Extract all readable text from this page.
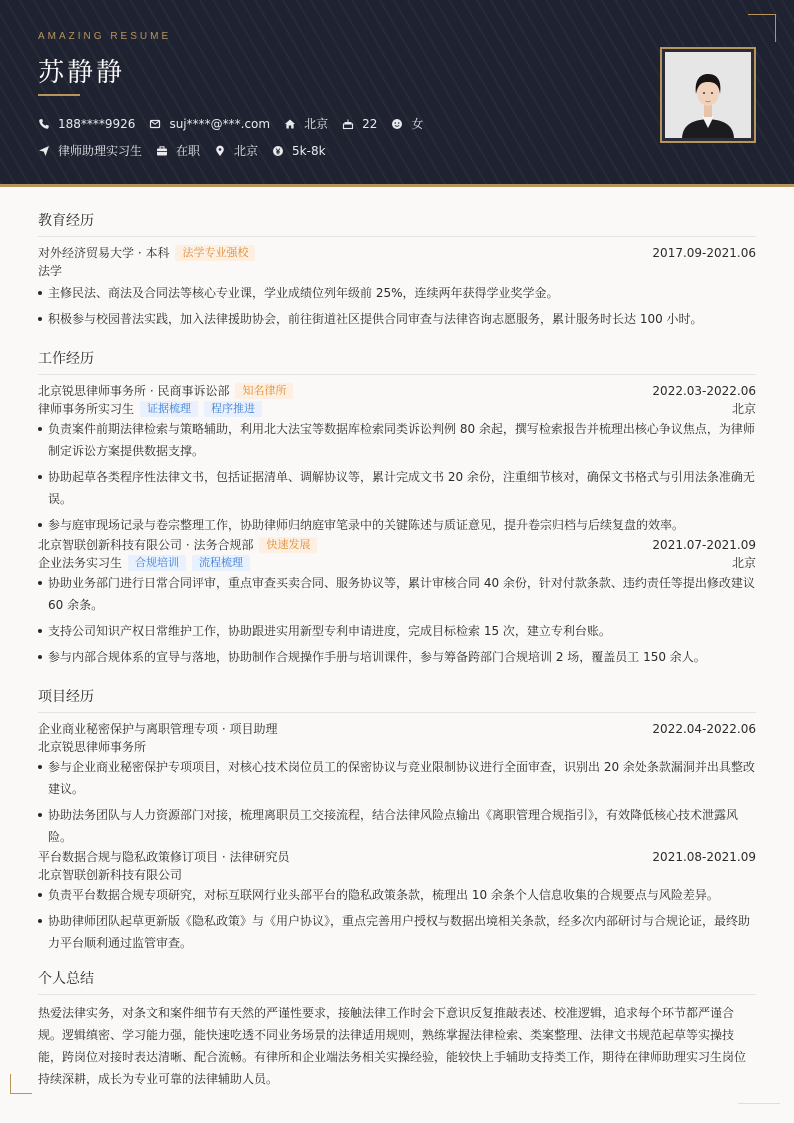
AMAZING RESUME
苏静静
188****9926	suj****@***.com	北京	22	女
律师助理实习生	在职	北京	5k-8k
教育经历
对外经济贸易大学 · 本科	法学专业强校	2017.09-2021.06
法学
主修民法、商法及合同法等核心专业课，学业成绩位列年级前 25%，连续两年获得学业奖学金。
积极参与校园普法实践，加入法律援助协会，前往街道社区提供合同审查与法律咨询志愿服务，累计服务时长达 100 小时。
工作经历
北京锐思律师事务所 · 民商事诉讼部	知名律所	2022.03-2022.06
律师事务所实习生	证据梳理	程序推进	北京
负责案件前期法律检索与策略辅助，利用北大法宝等数据库检索同类诉讼判例 80 余起，撰写检索报告并梳理出核心争议焦点，为律师制定诉讼方案提供数据支撑。
协助起草各类程序性法律文书，包括证据清单、调解协议等，累计完成文书 20 余份，注重细节核对，确保文书格式与引用法条准确无误。
参与庭审现场记录与卷宗整理工作，协助律师归纳庭审笔录中的关键陈述与质证意见，提升卷宗归档与后续复盘的效率。
北京智联创新科技有限公司 · 法务合规部	快速发展	2021.07-2021.09
企业法务实习生	合规培训	流程梳理	北京
协助业务部门进行日常合同评审，重点审查买卖合同、服务协议等，累计审核合同 40 余份，针对付款条款、违约责任等提出修改建议 60 余条。
支持公司知识产权日常维护工作，协助跟进实用新型专利申请进度，完成目标检索 15 次，建立专利台账。
参与内部合规体系的宣导与落地，协助制作合规操作手册与培训课件，参与筹备跨部门合规培训 2 场，覆盖员工 150 余人。
项目经历
企业商业秘密保护与离职管理专项 · 项目助理	2022.04-2022.06
北京锐思律师事务所
参与企业商业秘密保护专项项目，对核心技术岗位员工的保密协议与竞业限制协议进行全面审查，识别出 20 余处条款漏洞并出具整改建议。
协助法务团队与人力资源部门对接，梳理离职员工交接流程，结合法律风险点输出《离职管理合规指引》，有效降低核心技术泄露风险。
平台数据合规与隐私政策修订项目 · 法律研究员	2021.08-2021.09
北京智联创新科技有限公司
负责平台数据合规专项研究，对标互联网行业头部平台的隐私政策条款，梳理出 10 余条个人信息收集的合规要点与风险差异。
协助律师团队起草更新版《隐私政策》与《用户协议》，重点完善用户授权与数据出境相关条款，经多次内部研讨与合规论证，最终助力平台顺利通过监管审查。
个人总结

热爱法律实务，对条文和案件细节有天然的严谨性要求，接触法律工作时会下意识反复推敲表述、校准逻辑，追求每个环节都严谨合规。逻辑缜密、学习能力强，能快速吃透不同业务场景的法律适用规则，熟练掌握法律检索、类案整理、法律文书规范起草等实操技能，跨岗位对接时表达清晰、配合流畅。有律所和企业端法务相关实操经验，能较快上手辅助支持类工作，期待在律师助理实习生岗位持续深耕，成长为专业可靠的法律辅助人员。
